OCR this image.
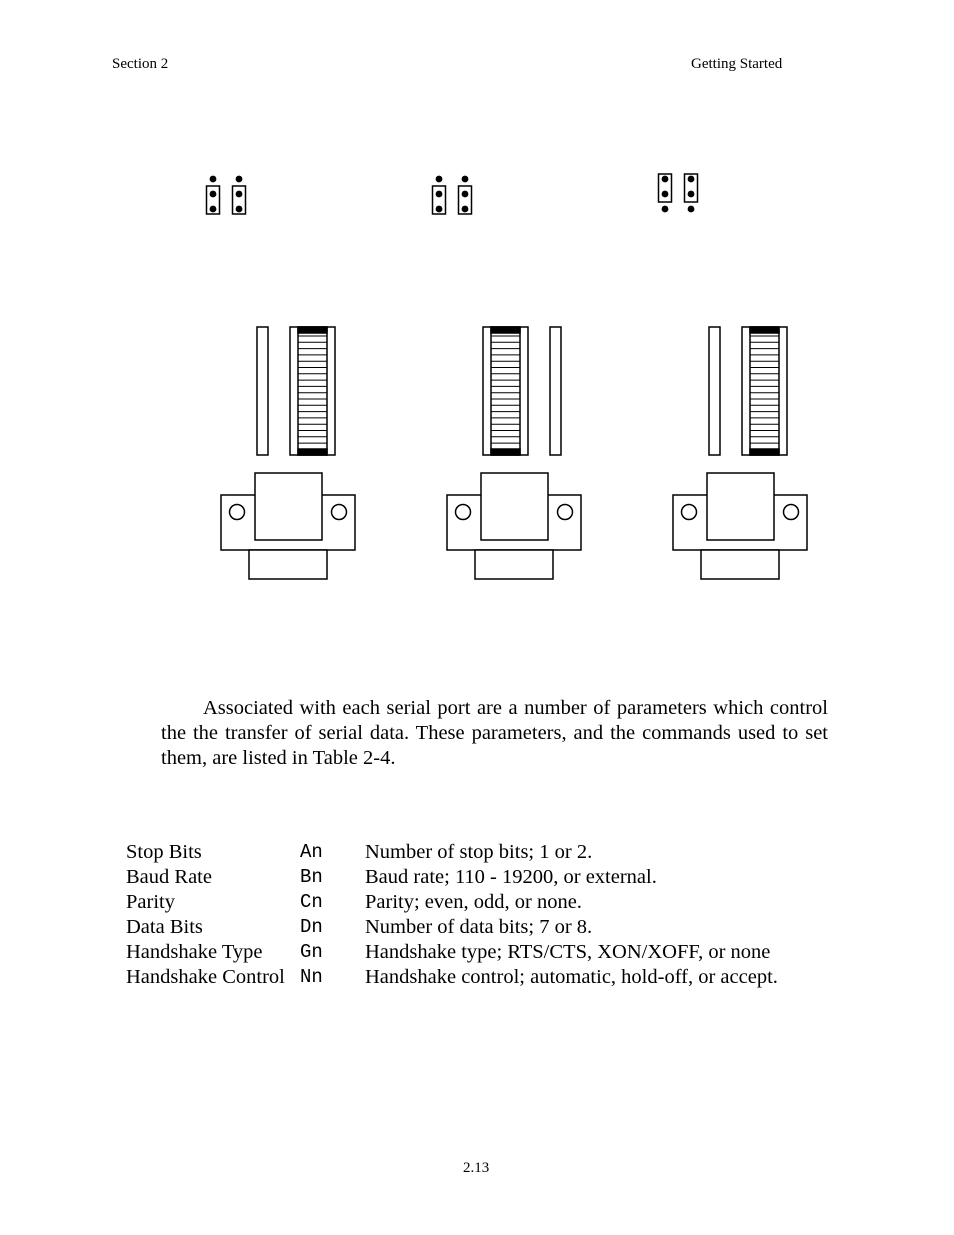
Section 2	Getting Started
Associated with each serial port are a number of parameters which control the the transfer of serial data. These parameters, and the commands used to set them, are listed in Table 2-4.
Stop Bits	An Number of stop bits; 1 or 2.
Baud Rate	Bn Baud rate; 110 - 19200, or external.
Parity	Cn Parity; even, odd, or none.
Data Bits	Dn Number of data bits; 7 or 8.
Handshake Type Gn Handshake type; RTS/CTS, XON/XOFF, or none
Handshake Control Nn Handshake control; automatic, hold-off, or accept.
2.13
